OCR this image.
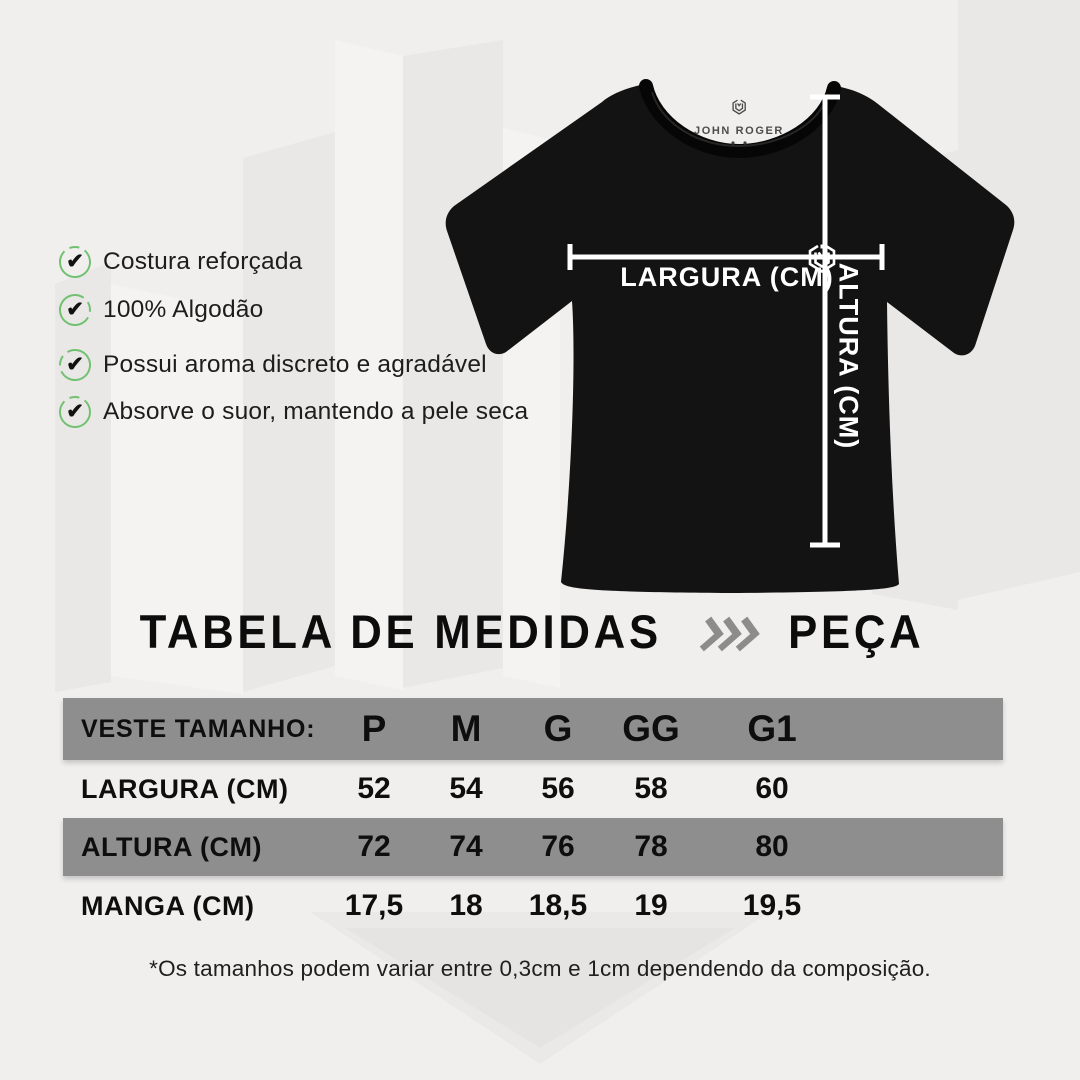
JOHN ROGER
LARGURA (CM) ALTURA (CM)
✔ Costura reforçada
✔ 100% Algodão
✔ Possui aroma discreto e agradável
✔ Absorve o suor, mantendo a pele seca
TABELA DE MEDIDAS	PEÇA
VESTE TAMANHO:	P	M	G	GG	G1
LARGURA (CM)	52	54	56	58	60
ALTURA (CM)	72	74	76	78	80
MANGA (CM)	17,5	18	18,5	19	19,5
*Os tamanhos podem variar entre 0,3cm e 1cm dependendo da composição.
